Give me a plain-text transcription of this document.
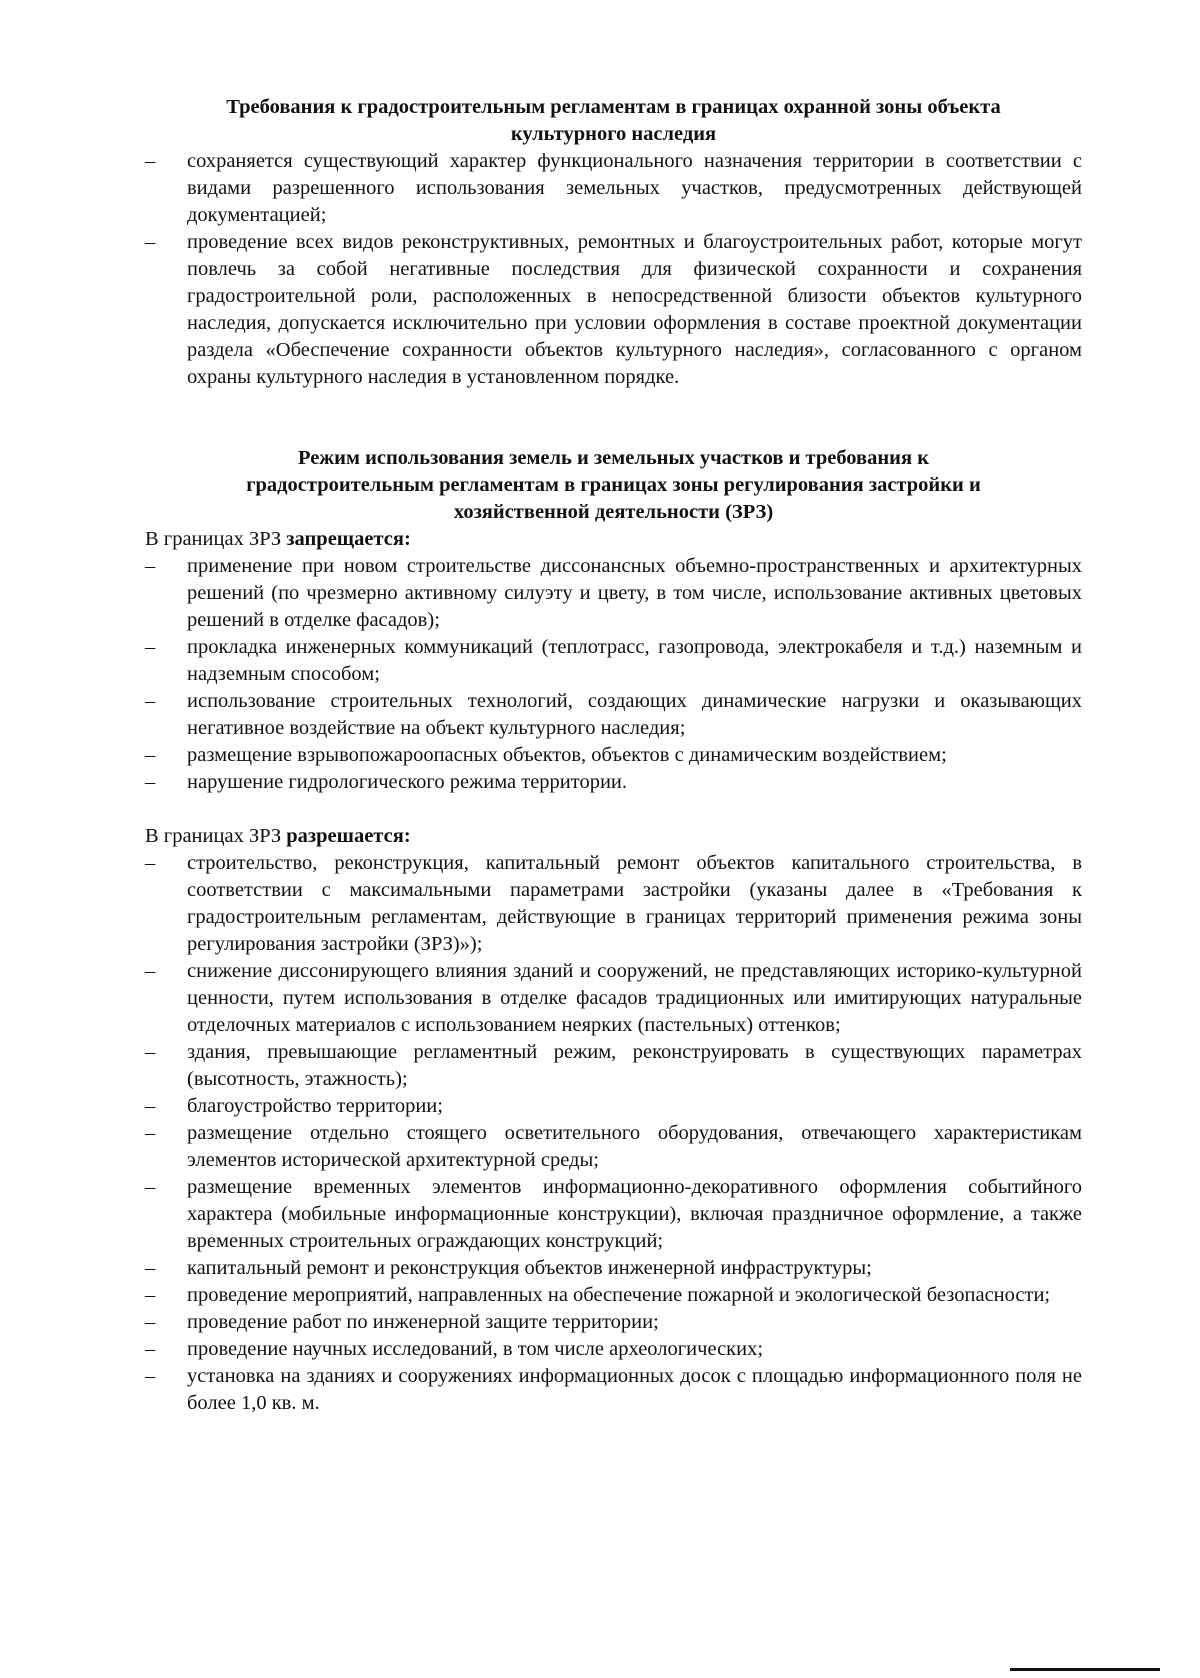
Требования к градостроительным регламентам в границах охранной зоны объекта
культурного наследия
– сохраняется существующий характер функционального назначения территории в соответствии с видами разрешенного использования земельных участков, предусмотренных действующей документацией;
– проведение всех видов реконструктивных, ремонтных и благоустроительных работ, которые могут повлечь за собой негативные последствия для физической сохранности и сохранения градостроительной роли, расположенных в непосредственной близости объектов культурного наследия, допускается исключительно при условии оформления в составе проектной документации раздела «Обеспечение сохранности объектов культурного наследия», согласованного с органом охраны культурного наследия в установленном порядке.
Режим использования земель и земельных участков и требования к
градостроительным регламентам в границах зоны регулирования застройки и
хозяйственной деятельности (ЗРЗ)

В границах ЗРЗ запрещается:

– применение при новом строительстве диссонансных объемно-пространственных и архитектурных решений (по чрезмерно активному силуэту и цвету, в том числе, использование активных цветовых решений в отделке фасадов);
– прокладка инженерных коммуникаций (теплотрасс, газопровода, электрокабеля и т.д.) наземным и надземным способом;
– использование строительных технологий, создающих динамические нагрузки и оказывающих негативное воздействие на объект культурного наследия;
– размещение взрывопожароопасных объектов, объектов с динамическим воздействием;
– нарушение гидрологического режима территории.

В границах ЗРЗ разрешается:

– строительство, реконструкция, капитальный ремонт объектов капитального строительства, в соответствии с максимальными параметрами застройки (указаны далее в «Требования к градостроительным регламентам, действующие в границах территорий применения режима зоны регулирования застройки (ЗРЗ)»);
– снижение диссонирующего влияния зданий и сооружений, не представляющих историко-культурной ценности, путем использования в отделке фасадов традиционных или имитирующих натуральные отделочных материалов с использованием неярких (пастельных) оттенков;
– здания, превышающие регламентный режим, реконструировать в существующих параметрах (высотность, этажность);
– благоустройство территории;
– размещение отдельно стоящего осветительного оборудования, отвечающего характеристикам элементов исторической архитектурной среды;
– размещение временных элементов информационно-декоративного оформления событийного характера (мобильные информационные конструкции), включая праздничное оформление, а также временных строительных ограждающих конструкций;
– капитальный ремонт и реконструкция объектов инженерной инфраструктуры;
– проведение мероприятий, направленных на обеспечение пожарной и экологической безопасности;
– проведение работ по инженерной защите территории;
– проведение научных исследований, в том числе археологических;
– установка на зданиях и сооружениях информационных досок с площадью информационного поля не более 1,0 кв. м.
